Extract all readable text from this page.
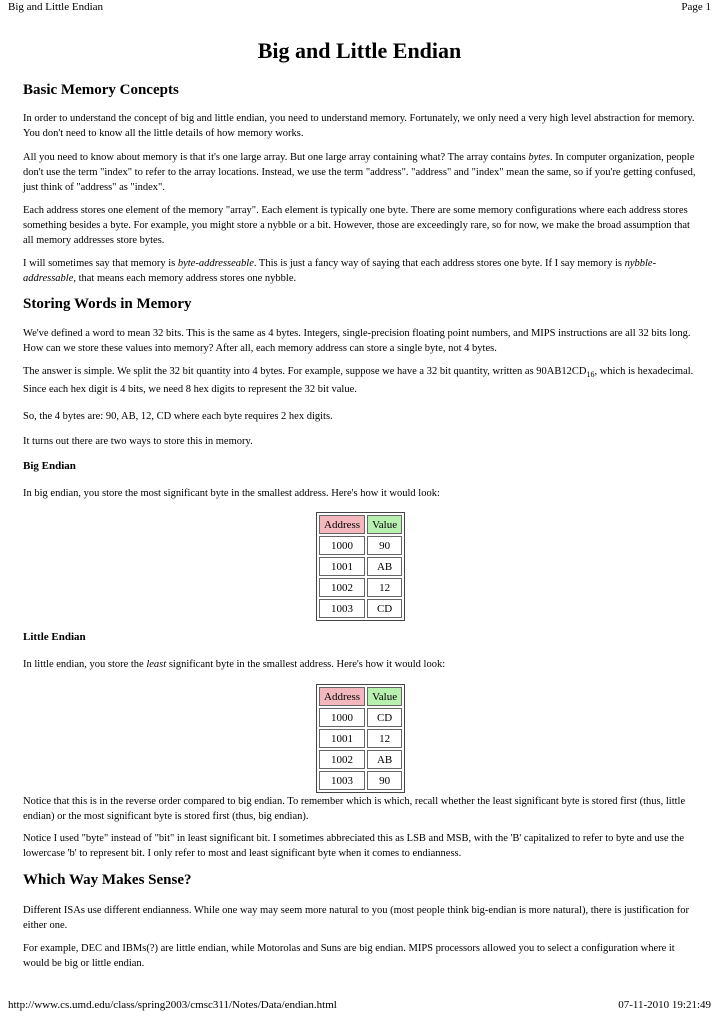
Big and Little Endian	Page 1
Big and Little Endian
Basic Memory Concepts

In order to understand the concept of big and little endian, you need to understand memory. Fortunately, we only need a very high level abstraction for memory. You don't need to know all the little details of how memory works.

All you need to know about memory is that it's one large array. But one large array containing what? The array contains bytes. In computer organization, people don't use the term "index" to refer to the array locations. Instead, we use the term "address". "address" and "index" mean the same, so if you're getting confused, just think of "address" as "index".

Each address stores one element of the memory "array". Each element is typically one byte. There are some memory configurations where each address stores something besides a byte. For example, you might store a nybble or a bit. However, those are exceedingly rare, so for now, we make the broad assumption that all memory addresses store bytes.

I will sometimes say that memory is byte-addresseable. This is just a fancy way of saying that each address stores one byte. If I say memory is nybble-addressable, that means each memory address stores one nybble.

Storing Words in Memory

We've defined a word to mean 32 bits. This is the same as 4 bytes. Integers, single-precision floating point numbers, and MIPS instructions are all 32 bits long. How can we store these values into memory? After all, each memory address can store a single byte, not 4 bytes.

The answer is simple. We split the 32 bit quantity into 4 bytes. For example, suppose we have a 32 bit quantity, written as $90AB12CD_{16}$, which is hexadecimal. Since each hex digit is 4 bits, we need 8 hex digits to represent the 32 bit value.

So, the 4 bytes are: 90, AB, 12, CD where each byte requires 2 hex digits.

It turns out there are two ways to store this in memory.

Big Endian

In big endian, you store the most significant byte in the smallest address. Here's how it would look:

Address	Value
1000	90
1001	AB
1002	12
1003	CD
Little Endian

In little endian, you store the least significant byte in the smallest address. Here's how it would look:

Address	Value
1000	CD
1001	12
1002	AB
1003	90

Notice that this is in the reverse order compared to big endian. To remember which is which, recall whether the least significant byte is stored first (thus, little endian) or the most significant byte is stored first (thus, big endian).

Notice I used "byte" instead of "bit" in least significant bit. I sometimes abbreciated this as LSB and MSB, with the 'B' capitalized to refer to byte and use the lowercase 'b' to represent bit. I only refer to most and least significant byte when it comes to endianness.

Which Way Makes Sense?

Different ISAs use different endianness. While one way may seem more natural to you (most people think big-endian is more natural), there is justification for either one.

For example, DEC and IBMs(?) are little endian, while Motorolas and Suns are big endian. MIPS processors allowed you to select a configuration where it would be big or little endian.

http://www.cs.umd.edu/class/spring2003/cmsc311/Notes/Data/endian.html	07-11-2010 19:21:49
